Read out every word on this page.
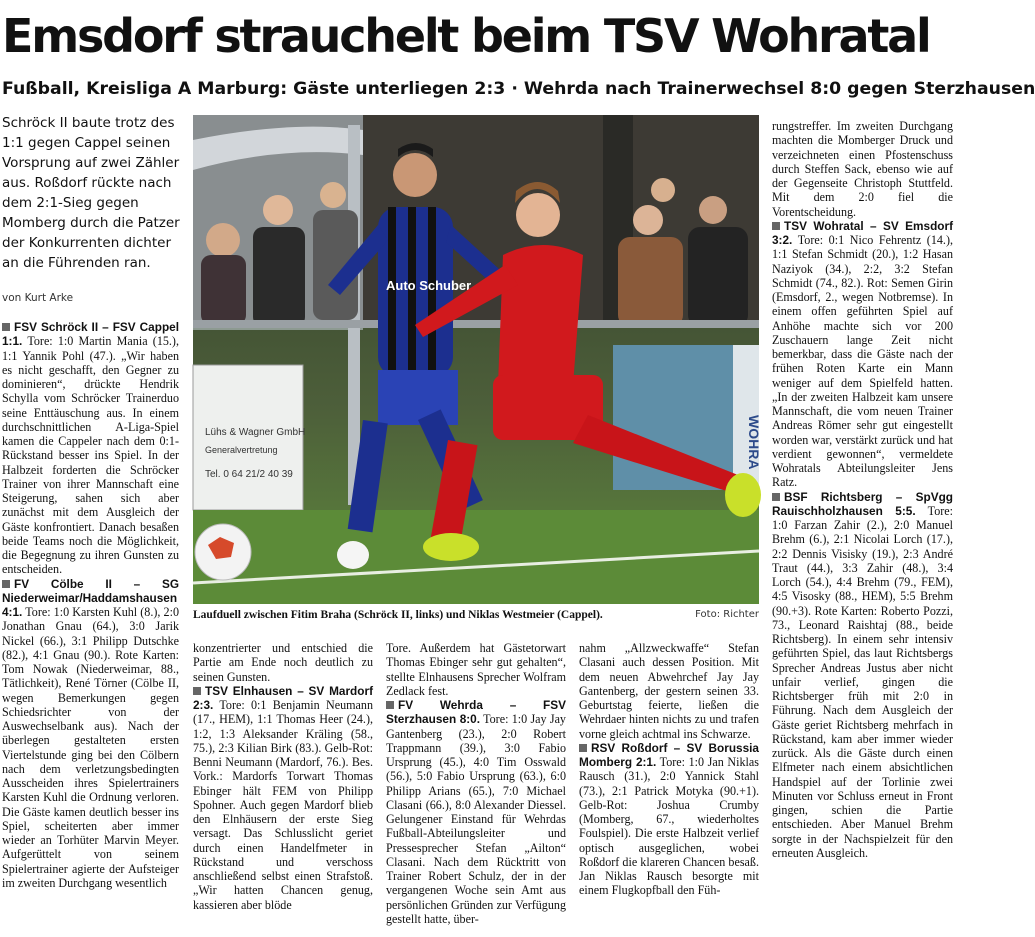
Emsdorf strauchelt beim TSV Wohratal
Fußball, Kreisliga A Marburg: Gäste unterliegen 2:3 · Wehrda nach Trainerwechsel 8:0 gegen Sterzhausen
Schröck II baute trotz des 1:1 gegen Cappel seinen Vorsprung auf zwei Zähler aus. Roßdorf rückte nach dem 2:1-Sieg gegen Momberg durch die Patzer der Konkurrenten dichter an die Führenden ran.
von Kurt Arke
FSV Schröck II – FSV Cappel 1:1. Tore: 1:0 Martin Mania (15.), 1:1 Yannik Pohl (47.). „Wir haben es nicht geschafft, den Gegner zu dominieren“, drückte Hendrik Schylla vom Schröcker Trainerduo seine Enttäuschung aus. In einem durchschnittlichen A-Liga-Spiel kamen die Cappeler nach dem 0:1-Rückstand besser ins Spiel. In der Halbzeit forderten die Schröcker Trainer von ihrer Mannschaft eine Steigerung, sahen sich aber zunächst mit dem Ausgleich der Gäste konfrontiert. Danach besaßen beide Teams noch die Möglichkeit, die Begegnung zu ihren Gunsten zu entscheiden.
FV Cölbe II – SG Niederweimar/Haddamshausen 4:1. Tore: 1:0 Karsten Kuhl (8.), 2:0 Jonathan Gnau (64.), 3:0 Jarik Nickel (66.), 3:1 Philipp Dutschke (82.), 4:1 Gnau (90.). Rote Karten: Tom Nowak (Niederweimar, 88., Tätlichkeit), René Törner (Cölbe II, wegen Bemerkungen gegen Schiedsrichter von der Auswechselbank aus). Nach der überlegen gestalteten ersten Viertelstunde ging bei den Cölbern nach dem verletzungsbedingten Ausscheiden ihres Spielertrainers Karsten Kuhl die Ordnung verloren. Die Gäste kamen deutlich besser ins Spiel, scheiterten aber immer wieder an Torhüter Marvin Meyer. Aufgerüttelt von seinem Spielertrainer agierte der Aufsteiger im zweiten Durchgang wesentlich
Lühs & Wagner GmbH
Generalvertretung
Tel. 0 64 21/2 40 39
WOHRA
Auto Schuber
Laufduell zwischen Fitim Braha (Schröck II, links) und Niklas Westmeier (Cappel).	Foto: Richter
konzentrierter und entschied die Partie am Ende noch deutlich zu seinen Gunsten.
TSV Elnhausen – SV Mardorf 2:3. Tore: 0:1 Benjamin Neumann (17., HEM), 1:1 Thomas Heer (24.), 1:2, 1:3 Aleksander Kräling (58., 75.), 2:3 Kilian Birk (83.). Gelb-Rot: Benni Neumann (Mardorf, 76.). Bes. Vork.: Mardorfs Torwart Thomas Ebinger hält FEM von Philipp Spohner. Auch gegen Mardorf blieb den Elnhäusern der erste Sieg versagt. Das Schlusslicht geriet durch einen Handelfmeter in Rückstand und verschoss anschließend selbst einen Strafstoß. „Wir hatten Chancen genug, kassieren aber blöde
Tore. Außerdem hat Gästetorwart Thomas Ebinger sehr gut gehalten“, stellte Elnhausens Sprecher Wolfram Zedlack fest.
FV Wehrda – FSV Sterzhausen 8:0. Tore: 1:0 Jay Jay Gantenberg (23.), 2:0 Robert Trappmann (39.), 3:0 Fabio Ursprung (45.), 4:0 Tim Osswald (56.), 5:0 Fabio Ursprung (63.), 6:0 Philipp Arians (65.), 7:0 Michael Clasani (66.), 8:0 Alexander Diessel. Gelungener Einstand für Wehrdas Fußball-Abteilungsleiter und Pressesprecher Stefan „Ailton“ Clasani. Nach dem Rücktritt von Trainer Robert Schulz, der in der vergangenen Woche sein Amt aus persönlichen Gründen zur Verfügung gestellt hatte, über-
nahm „Allzweckwaffe“ Stefan Clasani auch dessen Position. Mit dem neuen Abwehrchef Jay Jay Gantenberg, der gestern seinen 33. Geburtstag feierte, ließen die Wehrdaer hinten nichts zu und trafen vorne gleich achtmal ins Schwarze.
RSV Roßdorf – SV Borussia Momberg 2:1. Tore: 1:0 Jan Niklas Rausch (31.), 2:0 Yannick Stahl (73.), 2:1 Patrick Motyka (90.+1). Gelb-Rot: Joshua Crumby (Momberg, 67., wiederholtes Foulspiel). Die erste Halbzeit verlief optisch ausgeglichen, wobei Roßdorf die klareren Chancen besaß. Jan Niklas Rausch besorgte mit einem Flugkopfball den Füh-
rungstreffer. Im zweiten Durchgang machten die Momberger Druck und verzeichneten einen Pfostenschuss durch Steffen Sack, ebenso wie auf der Gegenseite Christoph Stuttfeld. Mit dem 2:0 fiel die Vorentscheidung.
TSV Wohratal – SV Emsdorf 3:2. Tore: 0:1 Nico Fehrentz (14.), 1:1 Stefan Schmidt (20.), 1:2 Hasan Naziyok (34.), 2:2, 3:2 Stefan Schmidt (74., 82.). Rot: Semen Girin (Emsdorf, 2., wegen Notbremse). In einem offen geführten Spiel auf Anhöhe machte sich vor 200 Zuschauern lange Zeit nicht bemerkbar, dass die Gäste nach der frühen Roten Karte ein Mann weniger auf dem Spielfeld hatten. „In der zweiten Halbzeit kam unsere Mannschaft, die vom neuen Trainer Andreas Römer sehr gut eingestellt worden war, verstärkt zurück und hat verdient gewonnen“, vermeldete Wohratals Abteilungsleiter Jens Ratz.
BSF Richtsberg – SpVgg Rauischholzhausen 5:5. Tore: 1:0 Farzan Zahir (2.), 2:0 Manuel Brehm (6.), 2:1 Nicolai Lorch (17.), 2:2 Dennis Visisky (19.), 2:3 André Traut (44.), 3:3 Zahir (48.), 3:4 Lorch (54.), 4:4 Brehm (79., FEM), 4:5 Visosky (88., HEM), 5:5 Brehm (90.+3). Rote Karten: Roberto Pozzi, 73., Leonard Raishtaj (88., beide Richtsberg). In einem sehr intensiv geführten Spiel, das laut Richtsbergs Sprecher Andreas Justus aber nicht unfair verlief, gingen die Richtsberger früh mit 2:0 in Führung. Nach dem Ausgleich der Gäste geriet Richtsberg mehrfach in Rückstand, kam aber immer wieder zurück. Als die Gäste durch einen Elfmeter nach einem absichtlichen Handspiel auf der Torlinie zwei Minuten vor Schluss erneut in Front gingen, schien die Partie entschieden. Aber Manuel Brehm sorgte in der Nachspielzeit für den erneuten Ausgleich.
